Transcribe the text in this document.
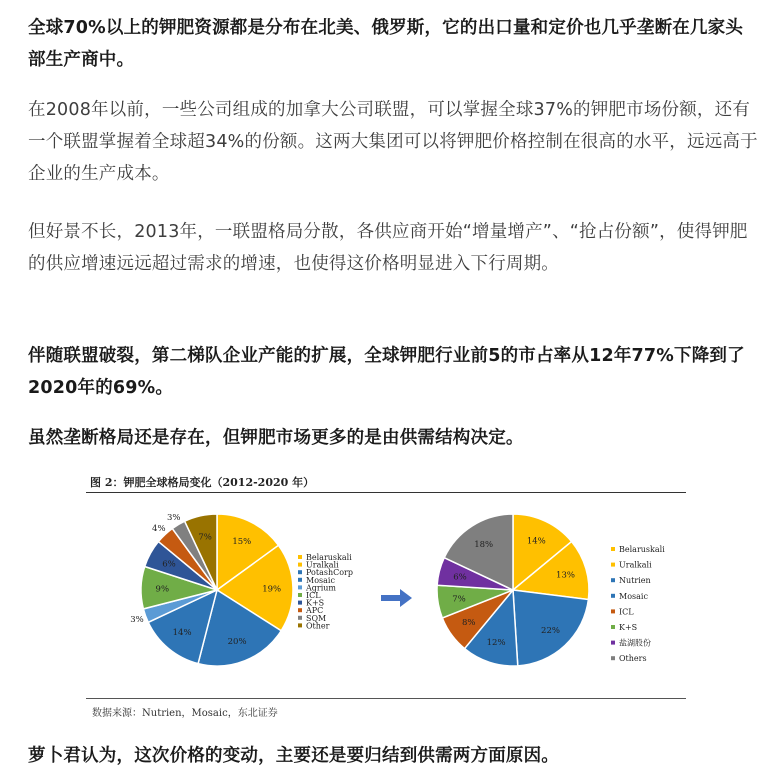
全球70%以上的钾肥资源都是分布在北美、俄罗斯，它的出口量和定价也几乎垄断在几家头部生产商中。

在2008年以前，一些公司组成的加拿大公司联盟，可以掌握全球37%的钾肥市场份额，还有一个联盟掌握着全球超34%的份额。这两大集团可以将钾肥价格控制在很高的水平，远远高于企业的生产成本。

但好景不长，2013年，一联盟格局分散，各供应商开始“增量增产”、“抢占份额”，使得钾肥的供应增速远远超过需求的增速，也使得这价格明显进入下行周期。

伴随联盟破裂，第二梯队企业产能的扩展，全球钾肥行业前5的市占率从12年77%下降到了2020年的69%。

虽然垄断格局还是存在，但钾肥市场更多的是由供需结构决定。

图 2：钾肥全球格局变化（2012-2020 年）
15%
19%
20%
14%
3%
9%
6%
4%
3%
7%
Belaruskali
Uralkali
PotashCorp
Mosaic
Agrium
ICL
K+S
APC
SQM
Other
14%
13%
22%
12%
8%
7%
6%
18%	Belaruskali
Uralkali
Nutrien
Mosaic
ICL
K+S
盐湖股份
Others
数据来源：Nutrien，Mosaic，东北证券

萝卜君认为，这次价格的变动，主要还是要归结到供需两方面原因。
